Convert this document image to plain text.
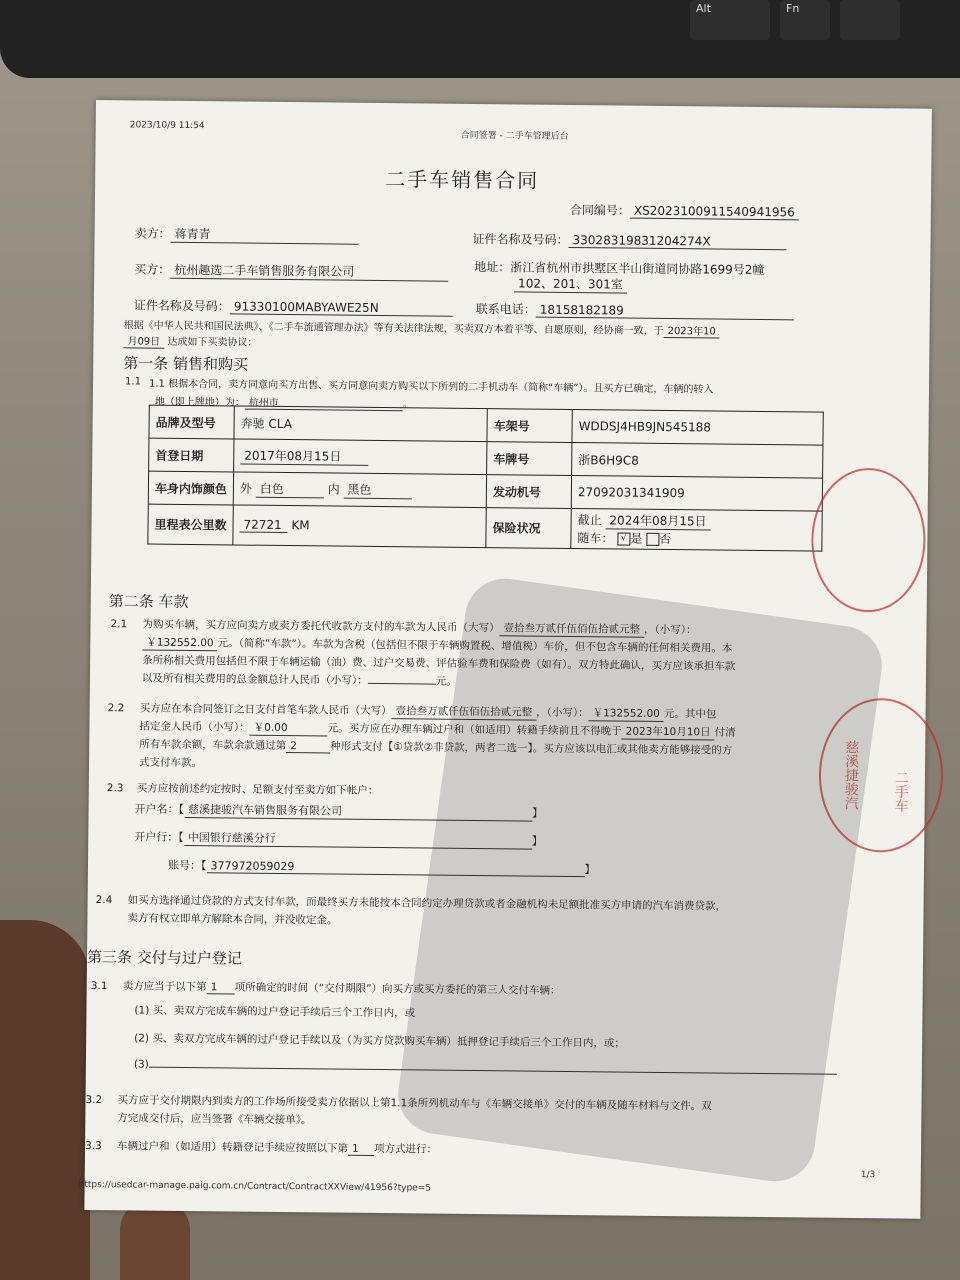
Alt	Fn
2023/10/9 11:54
合同签署 - 二手车管理后台
二手车销售合同
合同编号： XS2023100911540941956
卖方： 蒋青青	证件名称及号码： 33028319831204274X
买方： 杭州趣选二手车销售服务有限公司	地址：浙江省杭州市拱墅区半山街道同协路1699号2幢
102、201、301室
证件名称及号码： 91330100MABYAWE25N	联系电话： 18158182189
根据《中华人民共和国民法典》、《二手车流通管理办法》等有关法律法规，买卖双方本着平等、自愿原则，经协商一致，于 2023年10
月09日 达成如下买卖协议：
第一条 销售和购买
1.1 1.1 根据本合同，卖方同意向买方出售、买方同意向卖方购买以下所列的二手机动车（简称“车辆”）。且买方已确定，车辆的转入
地（即上牌地）为： 杭州市	。
品牌及型号	奔驰 CLA	车架号	WDDSJ4HB9JN545188
首登日期	2017年08月15日	车牌号	浙B6H9C8
车身内饰颜色	外 白色 内 黑色	发动机号	27092031341909
里程表公里数	72721 KM	保险状况	截止 2024年08月15日
随车： √ 是 否
第二条 车款
2.1 为购买车辆，买方应向卖方或卖方委托代收款方支付的车款为人民币（大写） 壹拾叁万贰仟伍佰伍拾贰元整 ，（小写）：
￥132552.00 元。（简称“车款”）。车款为含税（包括但不限于车辆购置税、增值税）车价，但不包含车辆的任何相关费用。本
条所称相关费用包括但不限于车辆运输（油）费、过户交易费、评估验车费和保险费（如有）。双方特此确认，买方应该承担车款
以及所有相关费用的总金额总计人民币（小写）：	元。
2.2 买方应在本合同签订之日支付首笔车款人民币（大写） 壹拾叁万贰仟伍佰伍拾贰元整 ，（小写）： ￥132552.00 元。其中包
括定金人民币（小写）： ￥0.00	元。买方应在办理车辆过户和（如适用）转籍手续前且不得晚于 2023年10月10日 付清
所有车款余额，车款余款通过第 2	种形式支付【①贷款②非贷款，两者二选一】。买方应该以电汇或其他卖方能够接受的方
式支付车款。
2.3 买方应按前述约定按时、足额支付至卖方如下帐户：
开户名：【 慈溪捷骏汽车销售服务有限公司	】
开户行：【 中国银行慈溪分行	】
账号：【 377972059029	】
2.4 如买方选择通过贷款的方式支付车款，而最终买方未能按本合同约定办理贷款或者金融机构未足额批准买方申请的汽车消费贷款，
卖方有权立即单方解除本合同，并没收定金。
第三条 交付与过户登记
3.1 卖方应当于以下第 1 项所确定的时间（“交付期限”）向买方或买方委托的第三人交付车辆：
(1) 买、卖双方完成车辆的过户登记手续后三个工作日内，或
(2) 买、卖双方完成车辆的过户登记手续以及（为买方贷款购买车辆）抵押登记手续后三个工作日内，或；
(3)
3.2 买方应于交付期限内到卖方的工作场所接受卖方依据以上第1.1条所列机动车与《车辆交接单》交付的车辆及随车材料与文件。双
方完成交付后，应当签署《车辆交接单》。
3.3 车辆过户和（如适用）转籍登记手续应按照以下第 1 项方式进行：
1/3
https://usedcar-manage.paig.com.cn/Contract/ContractXXView/41956?type=5
慈溪捷骏汽 二手车
